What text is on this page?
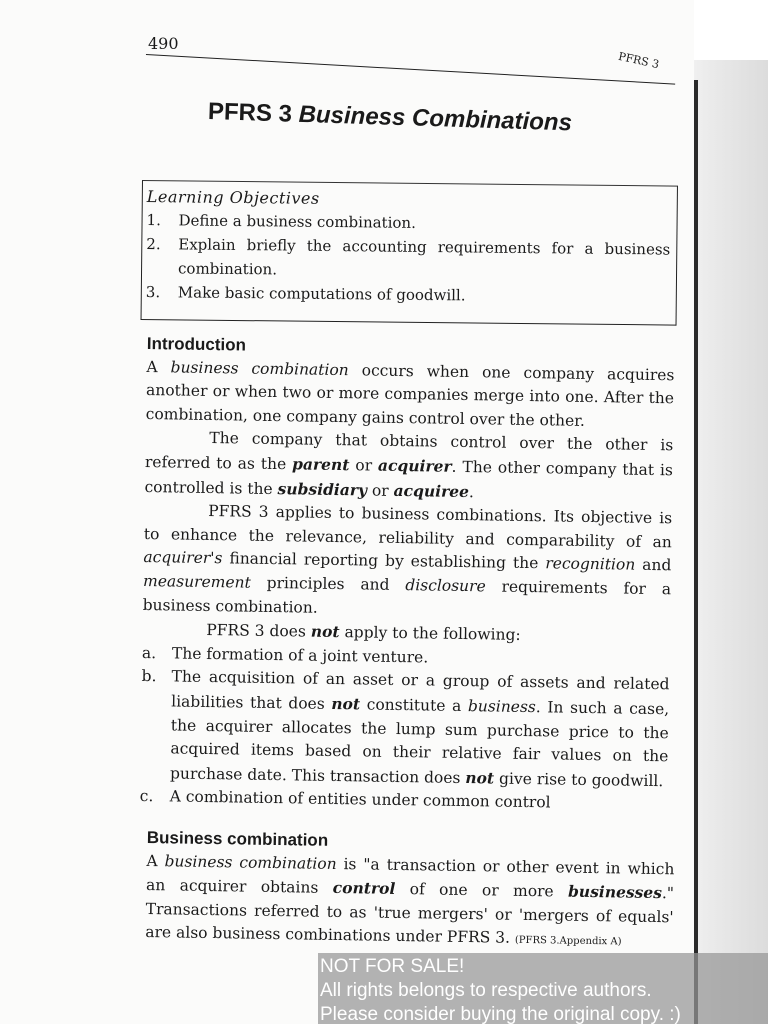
490
PFRS 3
PFRS 3 Business Combinations
Learning Objectives
1.	Define a business combination.
2.	Explain briefly the accounting requirements for a business combination.
3.	Make basic computations of goodwill.
Introduction

A business combination occurs when one company acquires another or when two or more companies merge into one. After the combination, one company gains control over the other.

The company that obtains control over the other is referred to as the parent or acquirer. The other company that is controlled is the subsidiary or acquiree.

PFRS 3 applies to business combinations. Its objective is to enhance the relevance, reliability and comparability of an acquirer's financial reporting by establishing the recognition and measurement principles and disclosure requirements for a business combination.

PFRS 3 does not apply to the following:

a.	The formation of a joint venture.
b. The acquisition of an asset or a group of assets and related liabilities that does not constitute a business. In such a case, the acquirer allocates the lump sum purchase price to the acquired items based on their relative fair values on the purchase date. This transaction does not give rise to goodwill.
c.	A combination of entities under common control
Business combination

A business combination is "a transaction or other event in which an acquirer obtains control of one or more businesses." Transactions referred to as 'true mergers' or 'mergers of equals' are also business combinations under PFRS 3. (PFRS 3.Appendix A)

NOT FOR SALE!
All rights belongs to respective authors.
Please consider buying the original copy. :)
